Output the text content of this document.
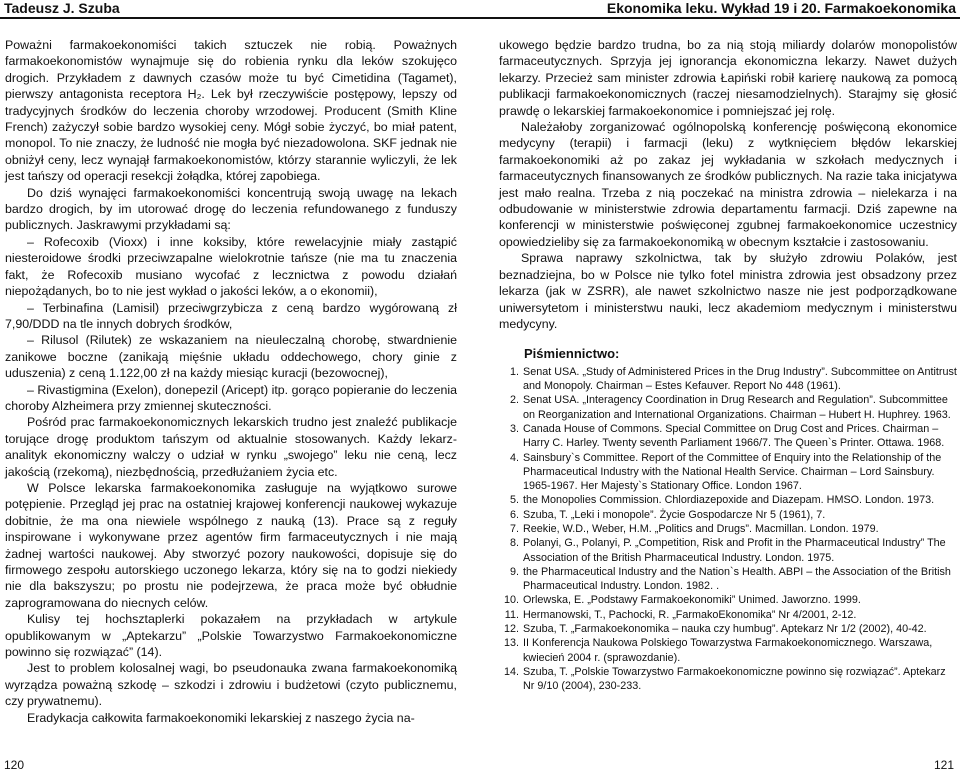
Tadeusz J. Szuba	Ekonomika leku. Wykład 19 i 20. Farmakoekonomika

Poważni farmakoekonomiści takich sztuczek nie robią. Poważnych farmakoekonomistów wynajmuje się do robienia rynku dla leków szokujęco drogich. Przykładem z dawnych czasów może tu być Cimetidina (Tagamet), pierwszy antagonista receptora H₂. Lek był rzeczywiście postępowy, lepszy od tradycyjnych środków do leczenia choroby wrzodowej. Producent (Smith Kline French) zażyczył sobie bardzo wysokiej ceny. Mógł sobie życzyć, bo miał patent, monopol. To nie znaczy, że ludność nie mogła być niezadowolona. SKF jednak nie obniżył ceny, lecz wynajął farmakoekonomistów, którzy starannie wyliczyli, że lek jest tańszy od operacji resekcji żołądka, której zapobiega.

Do dziś wynajęci farmakoekonomiści koncentrują swoją uwagę na lekach bardzo drogich, by im utorować drogę do leczenia refundowanego z funduszy publicznych. Jaskrawymi przykładami są:

– Rofecoxib (Vioxx) i inne koksiby, które rewelacyjnie miały zastąpić niesteroidowe środki przeciwzapalne wielokrotnie tańsze (nie ma tu znaczenia fakt, że Rofecoxib musiano wycofać z lecznictwa z powodu działań niepożądanych, bo to nie jest wykład o jakości leków, a o ekonomii),

– Terbinafina (Lamisil) przeciwgrzybicza z ceną bardzo wygórowaną zł 7,90/DDD na tle innych dobrych środków,

– Rilusol (Rilutek) ze wskazaniem na nieuleczalną chorobę, stwardnienie zanikowe boczne (zanikają mięśnie układu oddechowego, chory ginie z uduszenia) z ceną 1.122,00 zł na każdy miesiąc kuracji (bezowocnej),

– Rivastigmina (Exelon), donepezil (Aricept) itp. gorąco popieranie do leczenia choroby Alzheimera przy zmiennej skuteczności.

Pośród prac farmakoekonomicznych lekarskich trudno jest znaleźć publikacje torujące drogę produktom tańszym od aktualnie stosowanych. Każdy lekarz-analityk ekonomiczny walczy o udział w rynku „swojego” leku nie ceną, lecz jakością (rzekomą), niezbędnością, przedłużaniem życia etc.

W Polsce lekarska farmakoekonomika zasługuje na wyjątkowo surowe potępienie. Przegląd jej prac na ostatniej krajowej konferencji naukowej wykazuje dobitnie, że ma ona niewiele wspólnego z nauką (13). Prace są z reguły inspirowane i wykonywane przez agentów firm farmaceutycznych i nie mają żadnej wartości naukowej. Aby stworzyć pozory naukowości, dopisuje się do firmowego zespołu autorskiego uczonego lekarza, który się na to godzi niekiedy nie dla bakszyszu; po prostu nie podejrzewa, że praca może być obłudnie zaprogramowana do niecnych celów.

Kulisy tej hochsztaplerki pokazałem na przykładach w artykule opublikowanym w „Aptekarzu” „Polskie Towarzystwo Farmakoekonomiczne powinno się rozwiązać” (14).

Jest to problem kolosalnej wagi, bo pseudonauka zwana farmakoekonomiką wyrządza poważną szkodę – szkodzi i zdrowiu i budżetowi (czyto publicznemu, czy prywatnemu).

Eradykacja całkowita farmakoekonomiki lekarskiej z naszego życia na-

ukowego będzie bardzo trudna, bo za nią stoją miliardy dolarów monopolistów farmaceutycznych. Sprzyja jej ignorancja ekonomiczna lekarzy. Nawet dużych lekarzy. Przecież sam minister zdrowia Łapiński robił karierę naukową za pomocą publikacji farmakoekonomicznych (raczej niesamodzielnych). Starajmy się głosić prawdę o lekarskiej farmakoekonomice i pomniejszać jej rolę.

Należałoby zorganizować ogólnopolską konferencję poświęconą ekonomice medycyny (terapii) i farmacji (leku) z wytknięciem błędów lekarskiej farmakoekonomiki aż po zakaz jej wykładania w szkołach medycznych i farmaceutycznych finansowanych ze środków publicznych. Na razie taka inicjatywa jest mało realna. Trzeba z nią poczekać na ministra zdrowia – nielekarza i na odbudowanie w ministerstwie zdrowia departamentu farmacji. Dziś zapewne na konferencji w ministerstwie poświęconej zgubnej farmakoekonomice uczestnicy opowiedzieliby się za farmakoekonomiką w obecnym kształcie i zastosowaniu.

Sprawa naprawy szkolnictwa, tak by służyło zdrowiu Polaków, jest beznadziejna, bo w Polsce nie tylko fotel ministra zdrowia jest obsadzony przez lekarza (jak w ZSRR), ale nawet szkolnictwo nasze nie jest podporządkowane uniwersytetom i ministerstwu nauki, lecz akademiom medycznym i ministerstwu medycyny.

Piśmiennictwo:
1. Senat USA. „Study of Administered Prices in the Drug Industry”. Subcommittee on Antitrust and Monopoly. Chairman – Estes Kefauver. Report No 448 (1961).
2. Senat USA. „Interagency Coordination in Drug Research and Regulation”. Subcommittee on Reorganization and International Organizations. Chairman – Hubert H. Huphrey. 1963.
3. Canada House of Commons. Special Committee on Drug Cost and Prices. Chairman – Harry C. Harley. Twenty seventh Parliament 1966/7. The Queen`s Printer. Ottawa. 1968.
4. Sainsbury`s Committee. Report of the Committee of Enquiry into the Relationship of the Pharmaceutical Industry with the National Health Service. Chairman – Lord Sainsbury. 1965-1967. Her Majesty`s Stationary Office. London 1967.
5. the Monopolies Commission. Chlordiazepoxide and Diazepam. HMSO. London. 1973.
6. Szuba, T. „Leki i monopole”. Życie Gospodarcze Nr 5 (1961), 7.
7. Reekie, W.D., Weber, H.M. „Politics and Drugs”. Macmillan. London. 1979.
8. Polanyi, G., Polanyi, P. „Competition, Risk and Profit in the Pharmaceutical Industry” The Association of the British Pharmaceutical Industry. London. 1975.
9. the Pharmaceutical Industry and the Nation`s Health. ABPI – the Association of the British Pharmaceutical Industry. London. 1982. .
10. Orlewska, E. „Podstawy Farmakoekonomiki” Unimed. Jaworzno. 1999.
11. Hermanowski, T., Pachocki, R. „FarmakoEkonomika” Nr 4/2001, 2-12.
12. Szuba, T. „Farmakoekonomika – nauka czy humbug”. Aptekarz Nr 1/2 (2002), 40-42.
13. II Konferencja Naukowa Polskiego Towarzystwa Farmakoekonomicznego. Warszawa, kwiecień 2004 r. (sprawozdanie).
14. Szuba, T. „Polskie Towarzystwo Farmakoekonomiczne powinno się rozwiązać”. Aptekarz Nr 9/10 (2004), 230-233.
120	121
